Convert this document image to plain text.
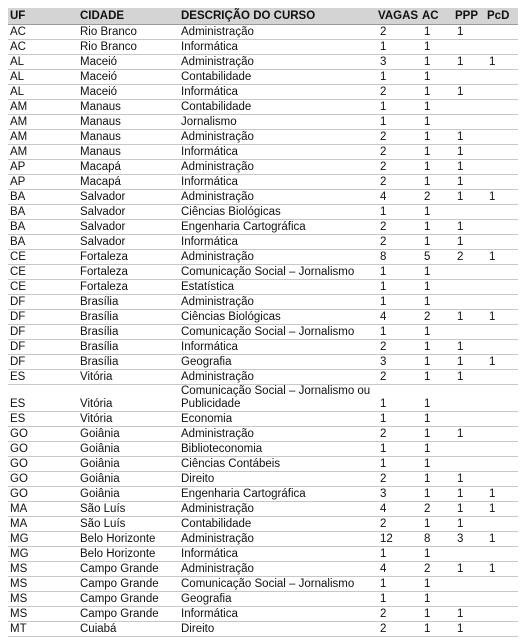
UF	CIDADE	DESCRIÇÃO DO CURSO	VAGAS	AC	PPP	PcD
AC	Rio Branco	Administração	2	1	1	
AC	Rio Branco	Informática	1	1		
AL	Maceió	Administração	3	1	1	1
AL	Maceió	Contabilidade	1	1		
AL	Maceió	Informática	2	1	1	
AM	Manaus	Contabilidade	1	1		
AM	Manaus	Jornalismo	1	1		
AM	Manaus	Administração	2	1	1	
AM	Manaus	Informática	2	1	1	
AP	Macapá	Administração	2	1	1	
AP	Macapá	Informática	2	1	1	
BA	Salvador	Administração	4	2	1	1
BA	Salvador	Ciências Biológicas	1	1		
BA	Salvador	Engenharia Cartográfica	2	1	1	
BA	Salvador	Informática	2	1	1	
CE	Fortaleza	Administração	8	5	2	1
CE	Fortaleza	Comunicação Social – Jornalismo	1	1		
CE	Fortaleza	Estatística	1	1		
DF	Brasília	Administração	1	1		
DF	Brasília	Ciências Biológicas	4	2	1	1
DF	Brasília	Comunicação Social – Jornalismo	1	1		
DF	Brasília	Informática	2	1	1	
DF	Brasília	Geografia	3	1	1	1
ES	Vitória	Administração	2	1	1	
ES	Vitória	Comunicação Social – Jornalismo ou Publicidade	1	1		
ES	Vitória	Economia	1	1		
GO	Goiânia	Administração	2	1	1	
GO	Goiânia	Biblioteconomia	1	1		
GO	Goiânia	Ciências Contábeis	1	1		
GO	Goiânia	Direito	2	1	1	
GO	Goiânia	Engenharia Cartográfica	3	1	1	1
MA	São Luís	Administração	4	2	1	1
MA	São Luís	Contabilidade	2	1	1	
MG	Belo Horizonte	Administração	12	8	3	1
MG	Belo Horizonte	Informática	1	1		
MS	Campo Grande	Administração	4	2	1	1
MS	Campo Grande	Comunicação Social – Jornalismo	1	1		
MS	Campo Grande	Geografia	1	1		
MS	Campo Grande	Informática	2	1	1	
MT	Cuiabá	Direito	2	1	1	
